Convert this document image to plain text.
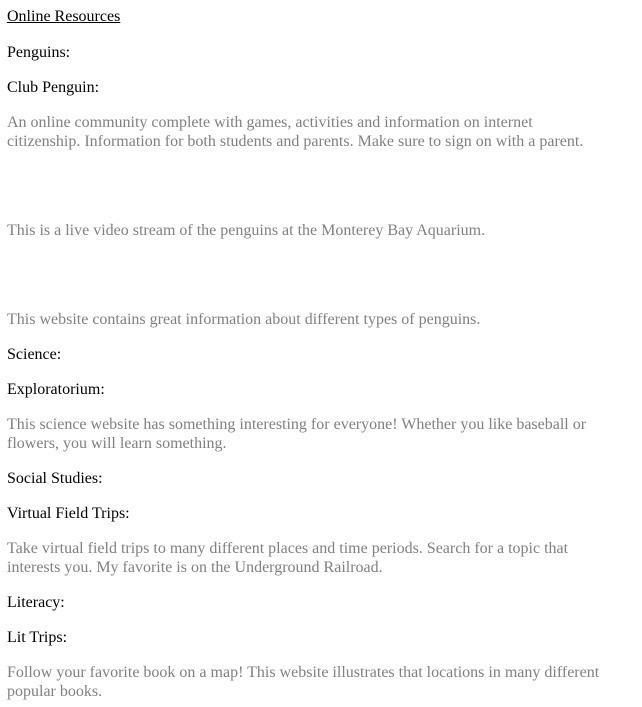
Online Resources
Penguins:
Club Penguin:
An online community complete with games, activities and information on internet
citizenship. Information for both students and parents. Make sure to sign on with a parent.
This is a live video stream of the penguins at the Monterey Bay Aquarium.
This website contains great information about different types of penguins.
Science:
Exploratorium:
This science website has something interesting for everyone! Whether you like baseball or
flowers, you will learn something.
Social Studies:
Virtual Field Trips:
Take virtual field trips to many different places and time periods. Search for a topic that
interests you. My favorite is on the Underground Railroad.
Literacy:
Lit Trips:
Follow your favorite book on a map! This website illustrates that locations in many different
popular books.
